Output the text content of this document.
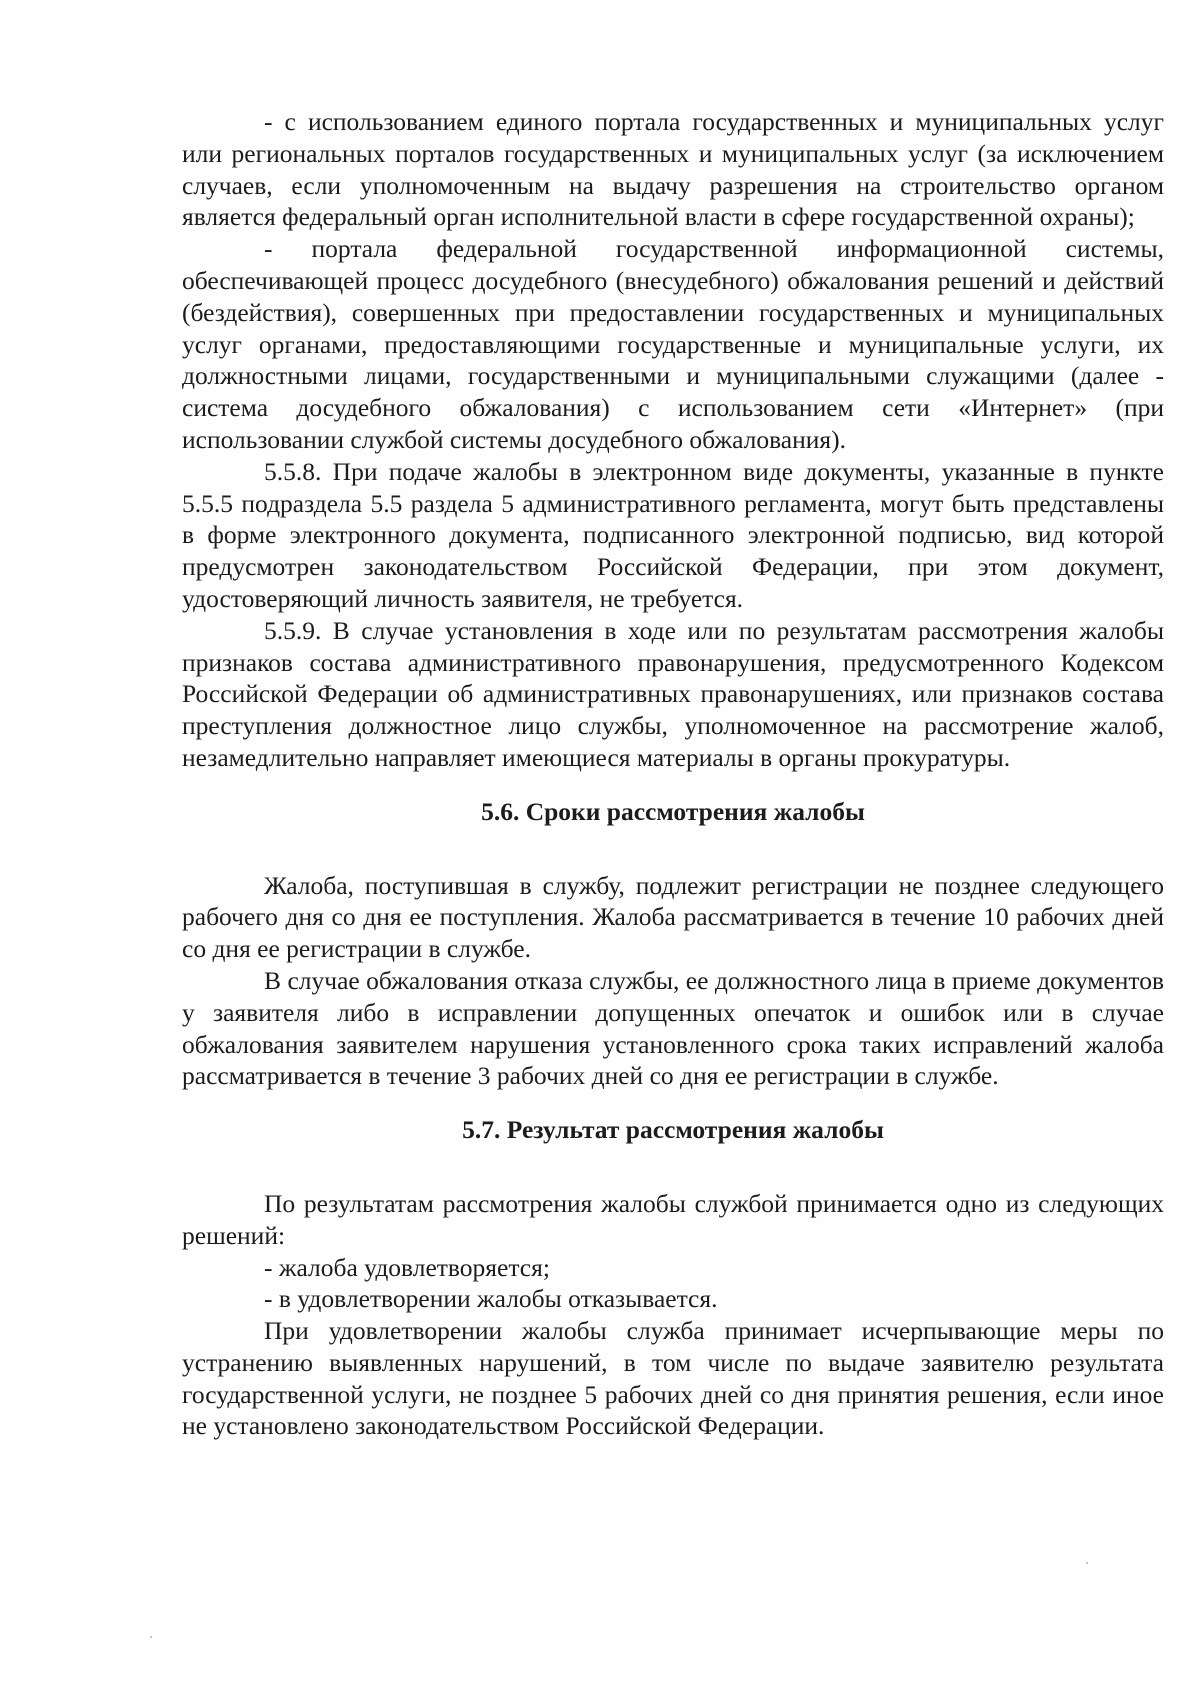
- с использованием единого портала государственных и муниципальных услуг или региональных порталов государственных и муниципальных услуг (за исключением случаев, если уполномоченным на выдачу разрешения на строительство органом является федеральный орган исполнительной власти в сфере государственной охраны);

- портала федеральной государственной информационной системы, обеспечивающей процесс досудебного (внесудебного) обжалования решений и действий (бездействия), совершенных при предоставлении государственных и муниципальных услуг органами, предоставляющими государственные и муниципальные услуги, их должностными лицами, государственными и муниципальными служащими (далее - система досудебного обжалования) с использованием сети «Интернет» (при использовании службой системы досудебного обжалования).

5.5.8. При подаче жалобы в электронном виде документы, указанные в пункте 5.5.5 подраздела 5.5 раздела 5 административного регламента, могут быть представлены в форме электронного документа, подписанного электронной подписью, вид которой предусмотрен законодательством Российской Федерации, при этом документ, удостоверяющий личность заявителя, не требуется.

5.5.9. В случае установления в ходе или по результатам рассмотрения жалобы признаков состава административного правонарушения, предусмотренного Кодексом Российской Федерации об административных правонарушениях, или признаков состава преступления должностное лицо службы, уполномоченное на рассмотрение жалоб, незамедлительно направляет имеющиеся материалы в органы прокуратуры.

5.6. Сроки рассмотрения жалобы

Жалоба, поступившая в службу, подлежит регистрации не позднее следующего рабочего дня со дня ее поступления. Жалоба рассматривается в течение 10 рабочих дней со дня ее регистрации в службе.

В случае обжалования отказа службы, ее должностного лица в приеме документов у заявителя либо в исправлении допущенных опечаток и ошибок или в случае обжалования заявителем нарушения установленного срока таких исправлений жалоба рассматривается в течение 3 рабочих дней со дня ее регистрации в службе.

5.7. Результат рассмотрения жалобы

По результатам рассмотрения жалобы службой принимается одно из следующих решений:

- жалоба удовлетворяется;

- в удовлетворении жалобы отказывается.

При удовлетворении жалобы служба принимает исчерпывающие меры по устранению выявленных нарушений, в том числе по выдаче заявителю результата государственной услуги, не позднее 5 рабочих дней со дня принятия решения, если иное не установлено законодательством Российской Федерации.
